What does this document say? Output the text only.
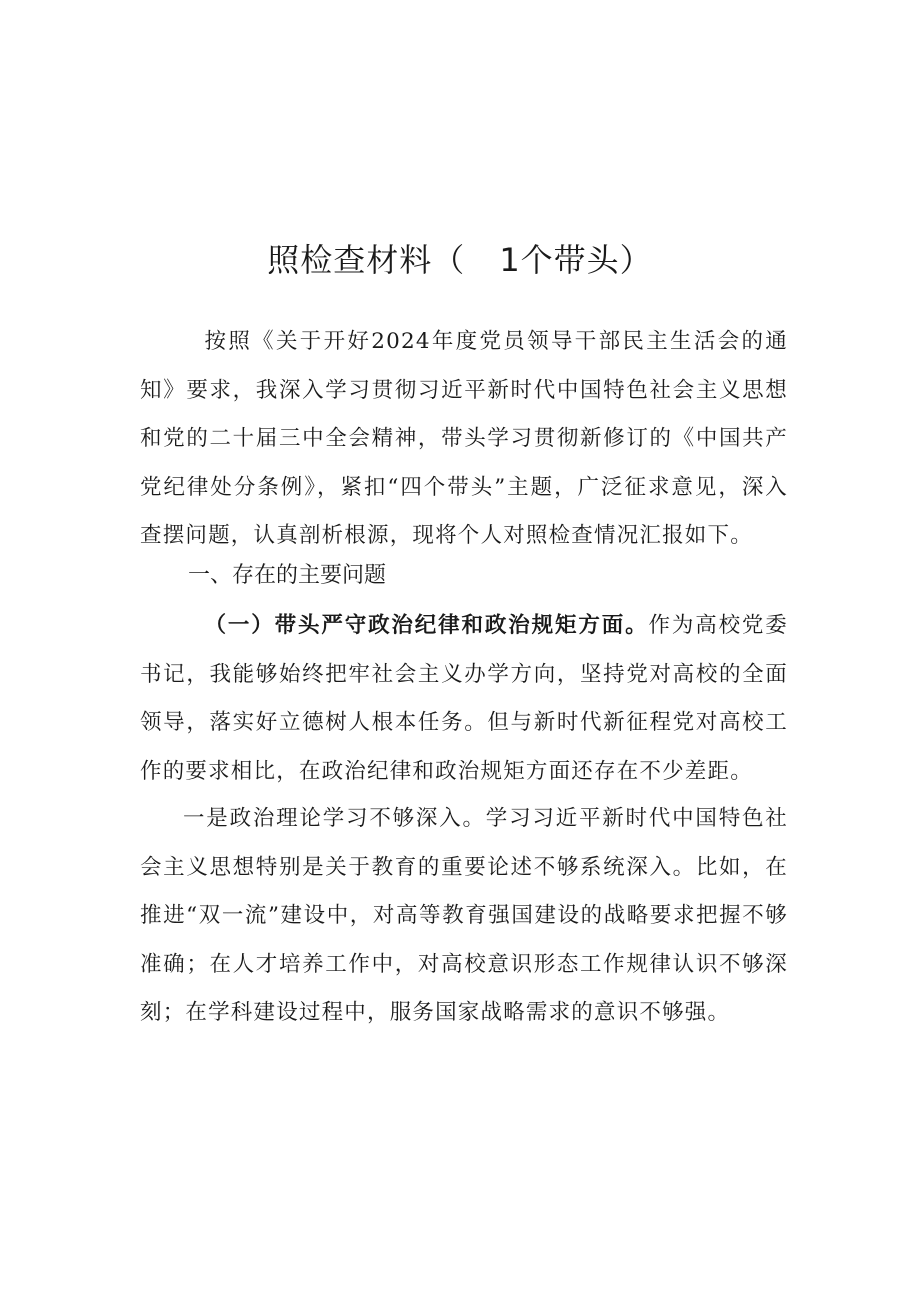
照检查材料（ 1个带头）

按照《关于开好2024年度党员领导干部民主生活会的通知》要求，我深入学习贯彻习近平新时代中国特色社会主义思想和党的二十届三中全会精神，带头学习贯彻新修订的《中国共产党纪律处分条例》，紧扣“四个带头”主题，广泛征求意见，深入查摆问题，认真剖析根源，现将个人对照检查情况汇报如下。

一、存在的主要问题

（一）带头严守政治纪律和政治规矩方面。作为高校党委书记，我能够始终把牢社会主义办学方向，坚持党对高校的全面领导，落实好立德树人根本任务。但与新时代新征程党对高校工作的要求相比，在政治纪律和政治规矩方面还存在不少差距。

一是政治理论学习不够深入。学习习近平新时代中国特色社会主义思想特别是关于教育的重要论述不够系统深入。比如，在推进“双一流”建设中，对高等教育强国建设的战略要求把握不够准确；在人才培养工作中，对高校意识形态工作规律认识不够深刻；在学科建设过程中，服务国家战略需求的意识不够强。
